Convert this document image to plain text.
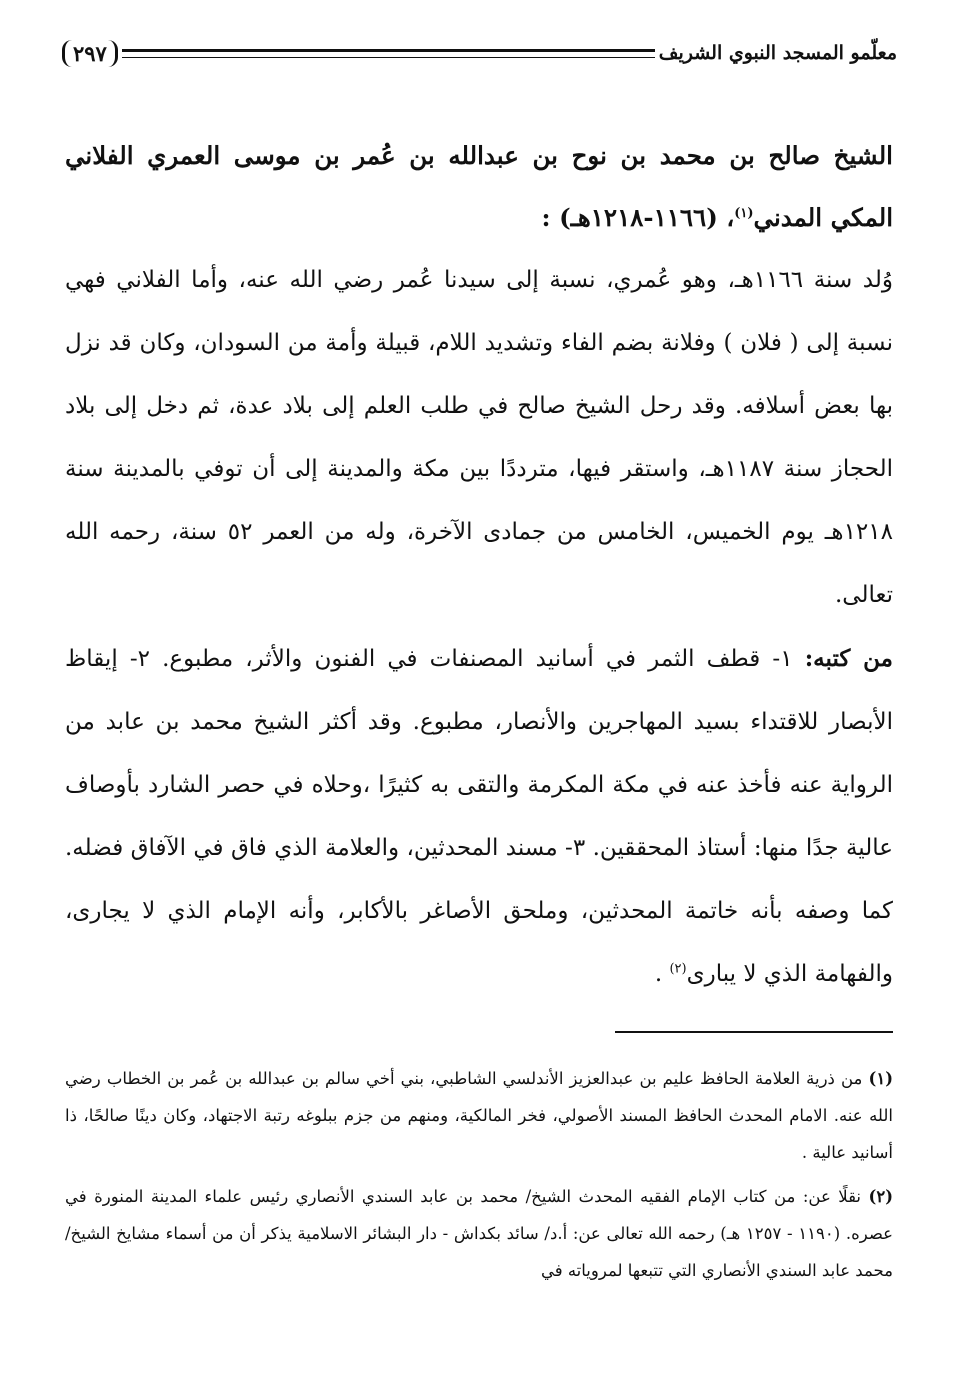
معلّمو المسجد النبوي الشريف
٢٩٧

الشيخ صالح بن محمد بن نوح بن عبدالله بن عُمر بن موسى العمري الفلاني المكي المدني$^{(١)}$، (١١٦٦-١٢١٨هـ) :

وُلد سنة ١١٦٦هـ، وهو عُمري، نسبة إلى سيدنا عُمر رضي الله عنه، وأما الفلاني فهي نسبة إلى ( فلان ) وفلانة بضم الفاء وتشديد اللام، قبيلة وأمة من السودان، وكان قد نزل بها بعض أسلافه. وقد رحل الشيخ صالح في طلب العلم إلى بلاد عدة، ثم دخل إلى بلاد الحجاز سنة ١١٨٧هـ، واستقر فيها، مترددًا بين مكة والمدينة إلى أن توفي بالمدينة سنة ١٢١٨هـ يوم الخميس، الخامس من جمادى الآخرة، وله من العمر ٥٢ سنة، رحمه الله تعالى.

من كتبه: ١- قطف الثمر في أسانيد المصنفات في الفنون والأثر، مطبوع. ٢- إيقاظ الأبصار للاقتداء بسيد المهاجرين والأنصار، مطبوع. وقد أكثر الشيخ محمد بن عابد من الرواية عنه فأخذ عنه في مكة المكرمة والتقى به كثيرًا ،وحلاه في حصر الشارد بأوصاف عالية جدًا منها: أستاذ المحققين. ٣- مسند المحدثين، والعلامة الذي فاق في الآفاق فضله. كما وصفه بأنه خاتمة المحدثين، وملحق الأصاغر بالأكابر، وأنه الإمام الذي لا يجارى، والفهامة الذي لا يبارى$^{(٢)}$ .

(١) من ذرية العلامة الحافظ عليم بن عبدالعزيز الأندلسي الشاطبي، بني أخي سالم بن عبدالله بن عُمر بن الخطاب رضي الله عنه. الامام المحدث الحافظ المسند الأصولي، فخر المالكية، ومنهم من جزم ببلوغه رتبة الاجتهاد، وكان دينًا صالحًا، ذا أسانيد عالية .

(٢) نقلًا عن: من كتاب الإمام الفقيه المحدث الشيخ/ محمد بن عابد السندي الأنصاري رئيس علماء المدينة المنورة في عصره. (١١٩٠ - ١٢٥٧ هـ) رحمه الله تعالى عن: أ.د/ سائد بكداش - دار البشائر الاسلامية يذكر أن من أسماء مشايخ الشيخ/ محمد عابد السندي الأنصاري التي تتبعها لمروياته في
